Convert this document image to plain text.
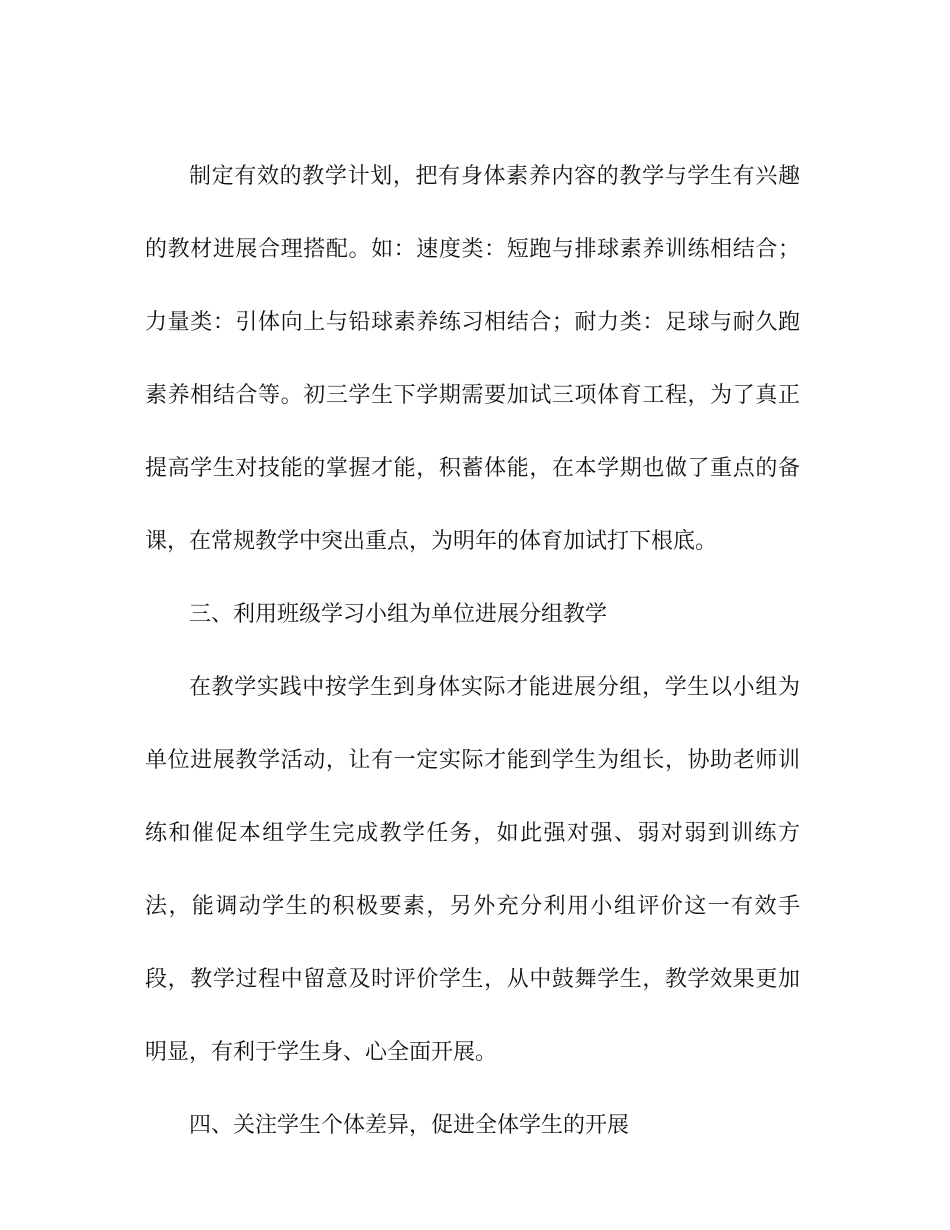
制定有效的教学计划，把有身体素养内容的教学与学生有兴趣的教材进展合理搭配。如：速度类：短跑与排球素养训练相结合；力量类：引体向上与铅球素养练习相结合；耐力类：足球与耐久跑素养相结合等。初三学生下学期需要加试三项体育工程，为了真正提高学生对技能的掌握才能，积蓄体能，在本学期也做了重点的备课，在常规教学中突出重点，为明年的体育加试打下根底。

三、利用班级学习小组为单位进展分组教学

在教学实践中按学生到身体实际才能进展分组，学生以小组为单位进展教学活动，让有一定实际才能到学生为组长，协助老师训练和催促本组学生完成教学任务，如此强对强、弱对弱到训练方法，能调动学生的积极要素，另外充分利用小组评价这一有效手段，教学过程中留意及时评价学生，从中鼓舞学生，教学效果更加明显，有利于学生身、心全面开展。

四、关注学生个体差异，促进全体学生的开展
